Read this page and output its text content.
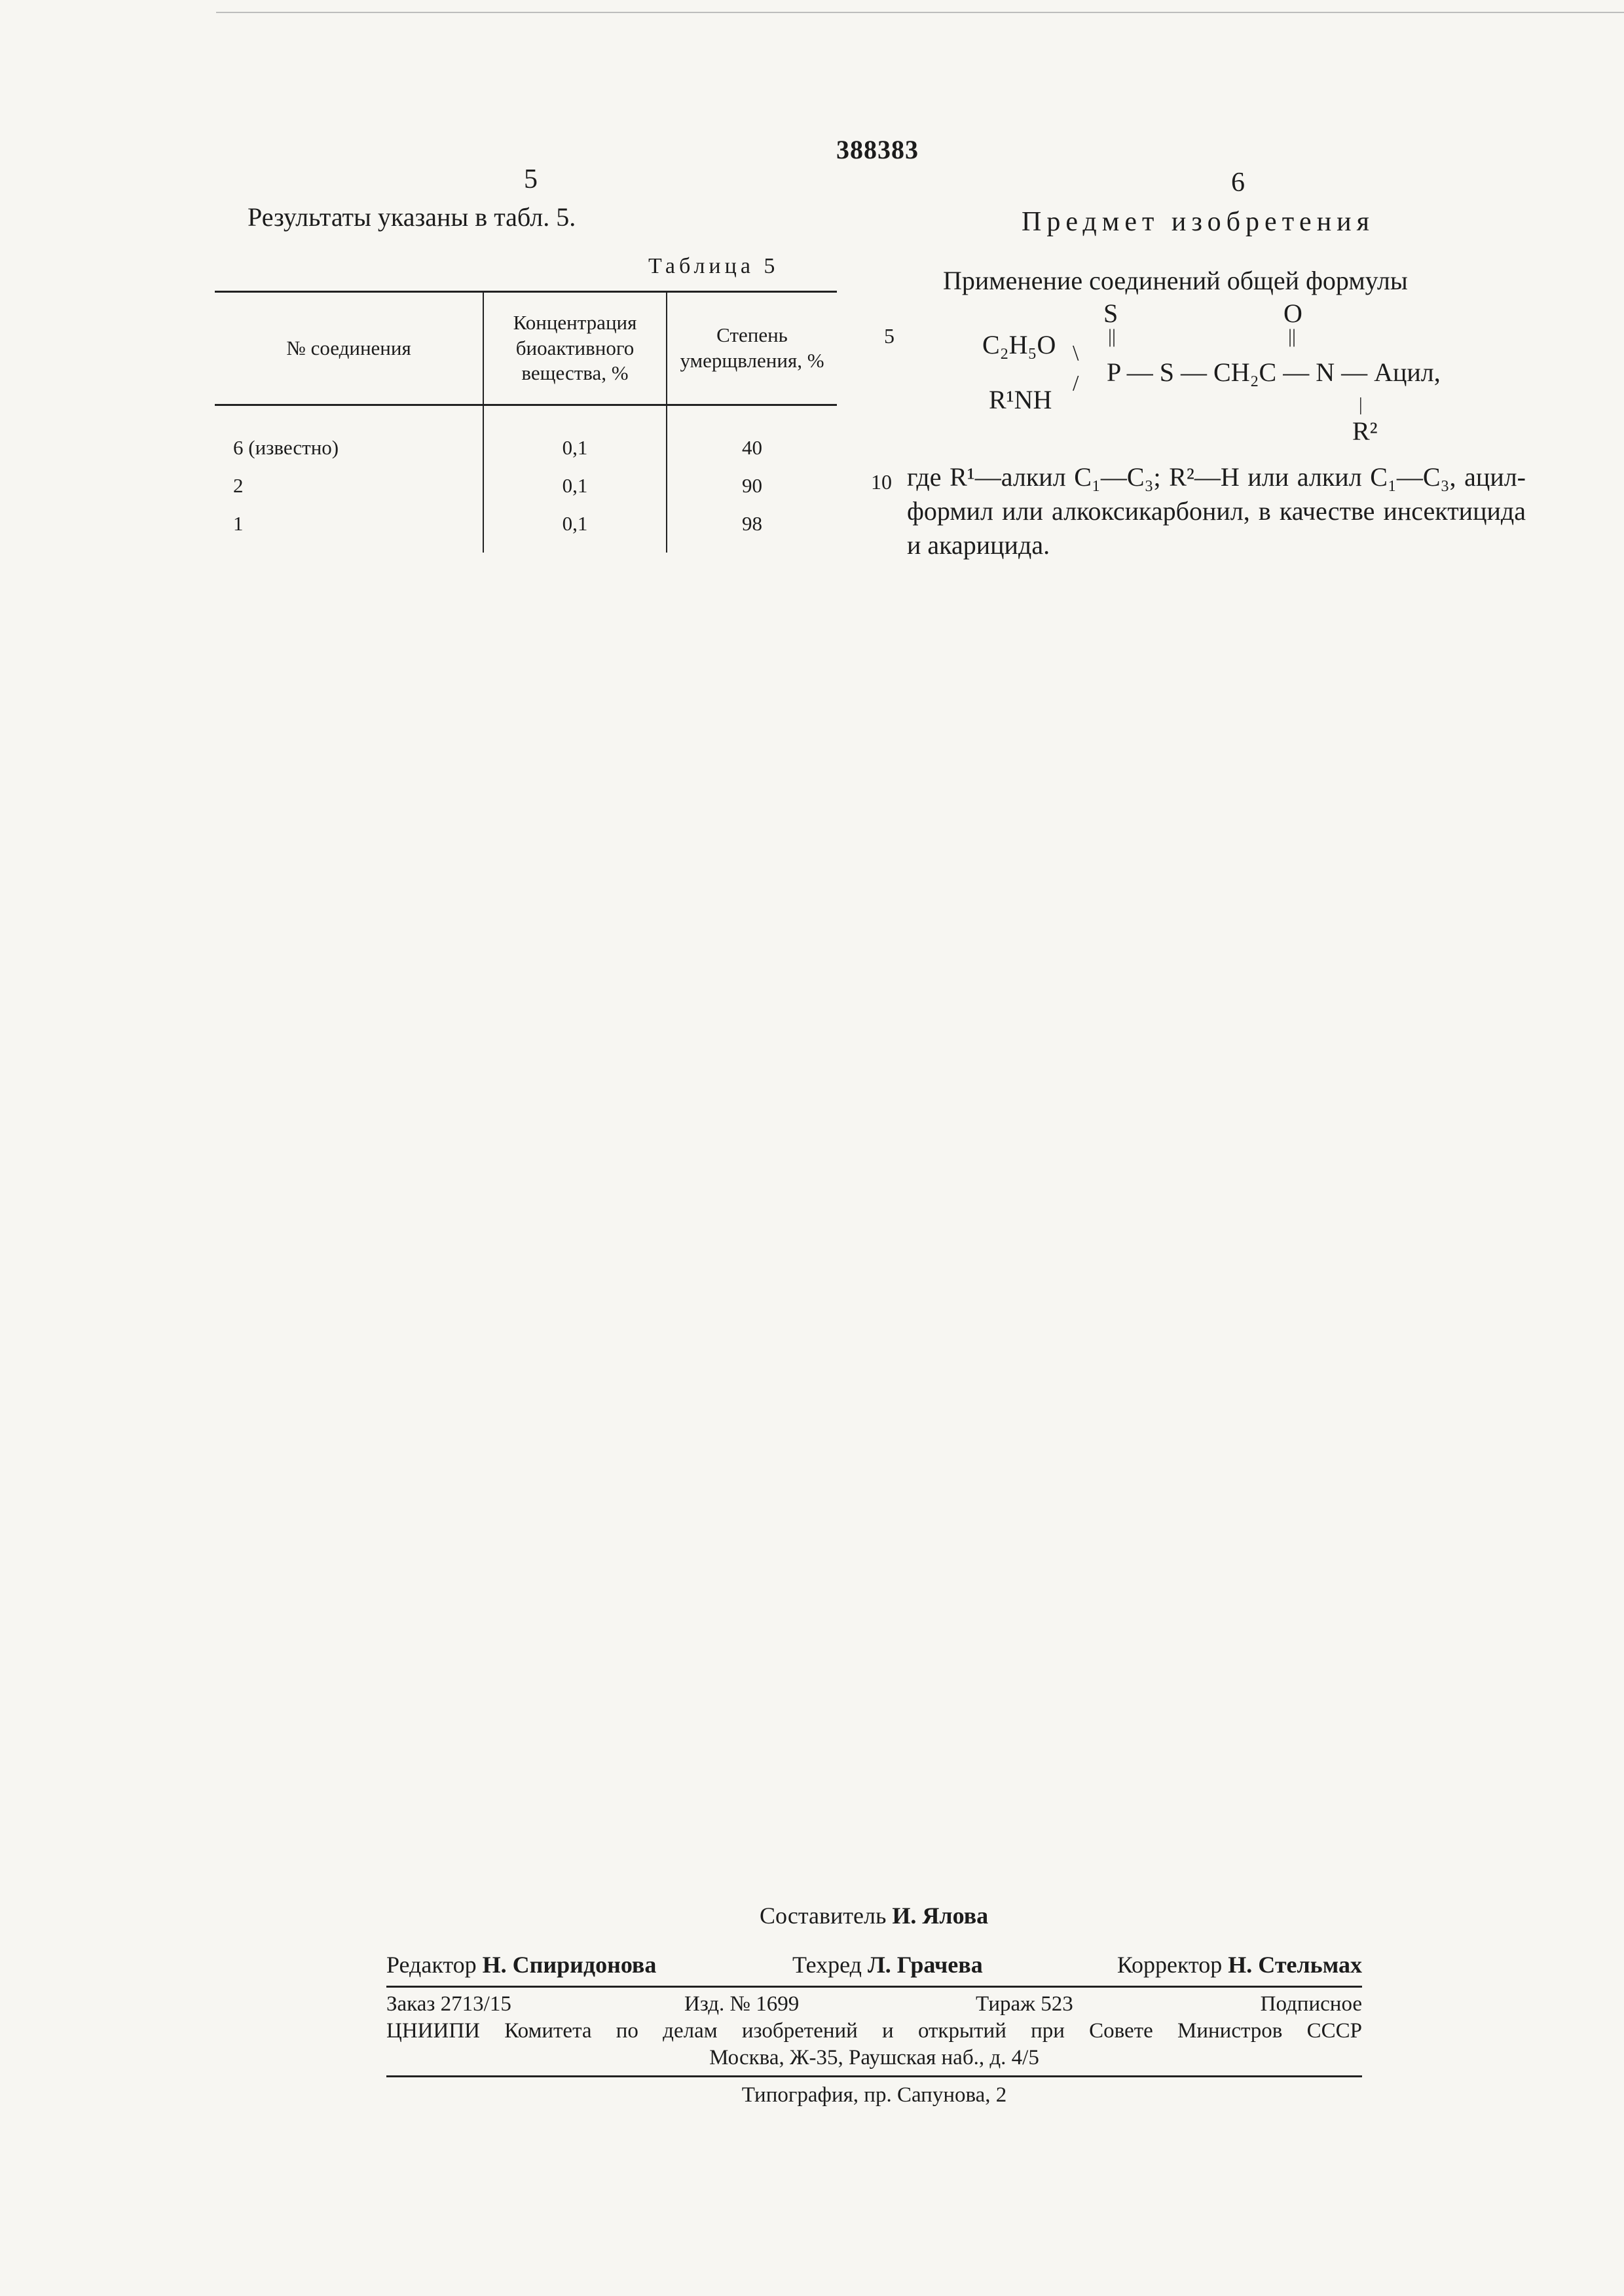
388383
5
Результаты указаны в табл. 5.
Таблица 5
№ соединения	Концентрация биоактивного вещества, %	Степень умерщвления, %
6 (известно)	0,1	40
2	0,1	90
1	0,1	98
6
Предмет изобретения
Применение соединений общей формулы
5
S	O
||	||
C₂H₅O \
P — S — CH₂C — N — Ацил,
/
R¹NH	|
R²
10 где R¹—алкил C₁—C₃; R²—H или алкил C₁—C₃, ацил-формил или алкоксикарбонил, в качестве инсектицида и акарицида.
Составитель И. Ялова
Редактор Н. Спиридонова	Техред Л. Грачева	Корректор Н. Стельмах
Заказ 2713/15	Изд. № 1699	Тираж 523	Подписное
ЦНИИПИ Комитета по делам изобретений и открытий при Совете Министров СССР
Москва, Ж-35, Раушская наб., д. 4/5
Типография, пр. Сапунова, 2
